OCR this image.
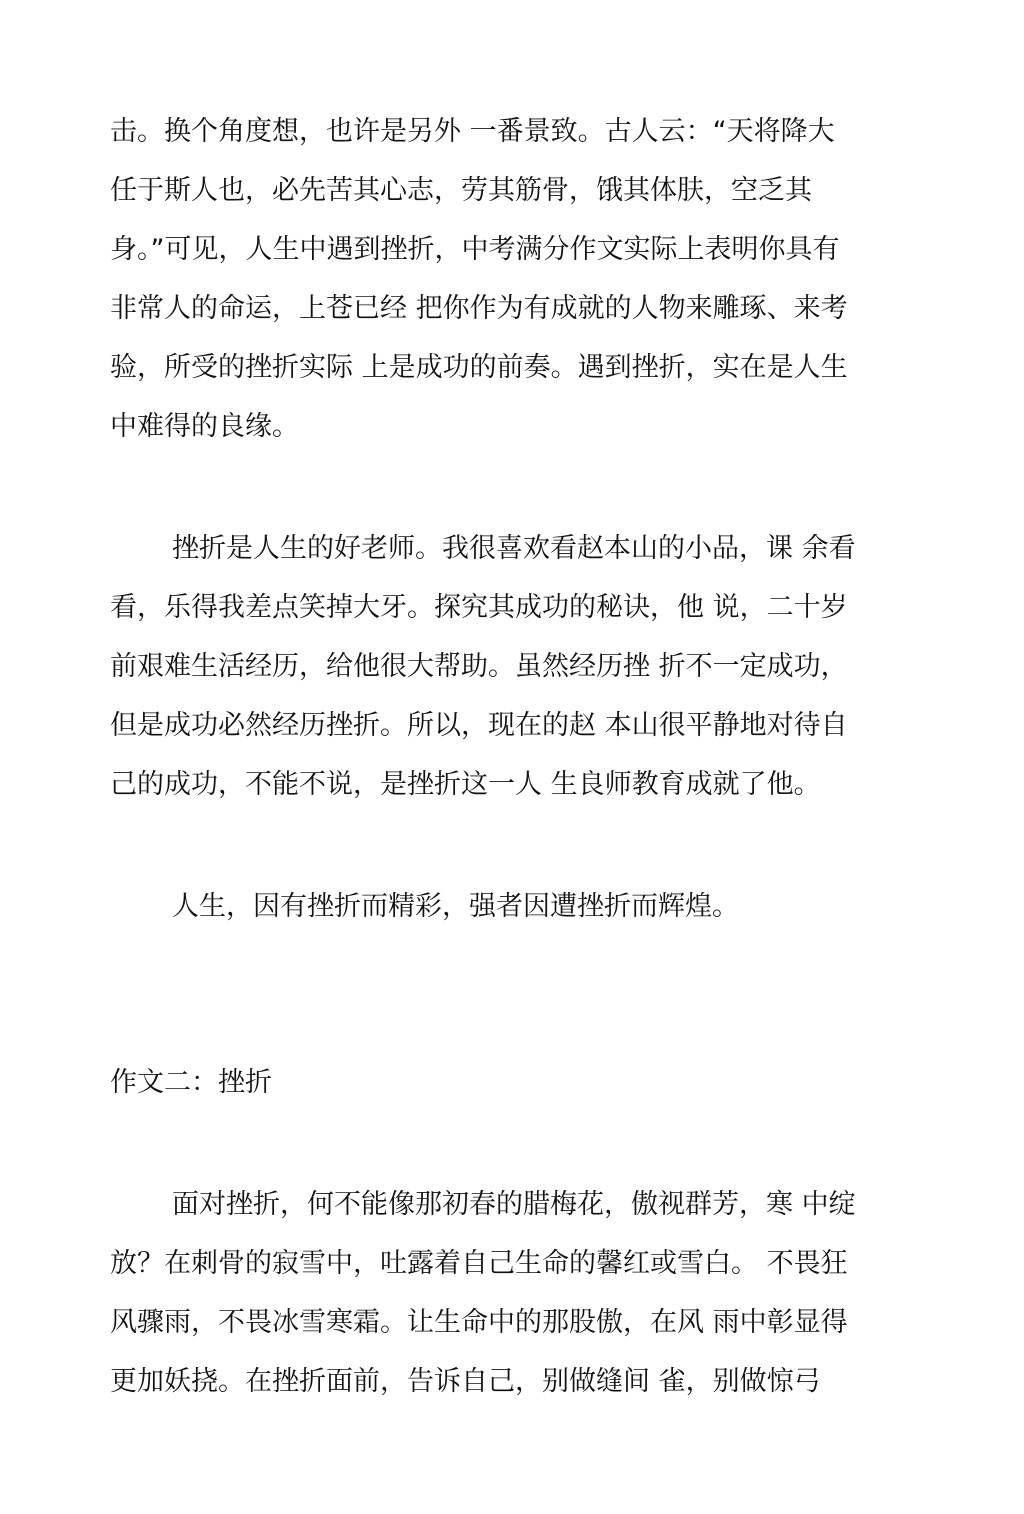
击。换个角度想，也许是另外 一番景致。古人云：“天将降大
任于斯人也，必先苦其心志，劳其筋骨，饿其体肤，空乏其
身。”可见，人生中遇到挫折，中考满分作文实际上表明你具有
非常人的命运，上苍已经 把你作为有成就的人物来雕琢、来考
验，所受的挫折实际 上是成功的前奏。遇到挫折，实在是人生
中难得的良缘。
挫折是人生的好老师。我很喜欢看赵本山的小品，课 余看
看，乐得我差点笑掉大牙。探究其成功的秘诀，他 说，二十岁
前艰难生活经历，给他很大帮助。虽然经历挫 折不一定成功，
但是成功必然经历挫折。所以，现在的赵 本山很平静地对待自
己的成功，不能不说，是挫折这一人 生良师教育成就了他。
人生，因有挫折而精彩，强者因遭挫折而辉煌。
作文二：挫折
面对挫折，何不能像那初春的腊梅花，傲视群芳，寒 中绽
放？在刺骨的寂雪中，吐露着自己生命的馨红或雪白。 不畏狂
风骤雨，不畏冰雪寒霜。让生命中的那股傲，在风 雨中彰显得
更加妖挠。在挫折面前，告诉自己，别做缝间 雀，别做惊弓
